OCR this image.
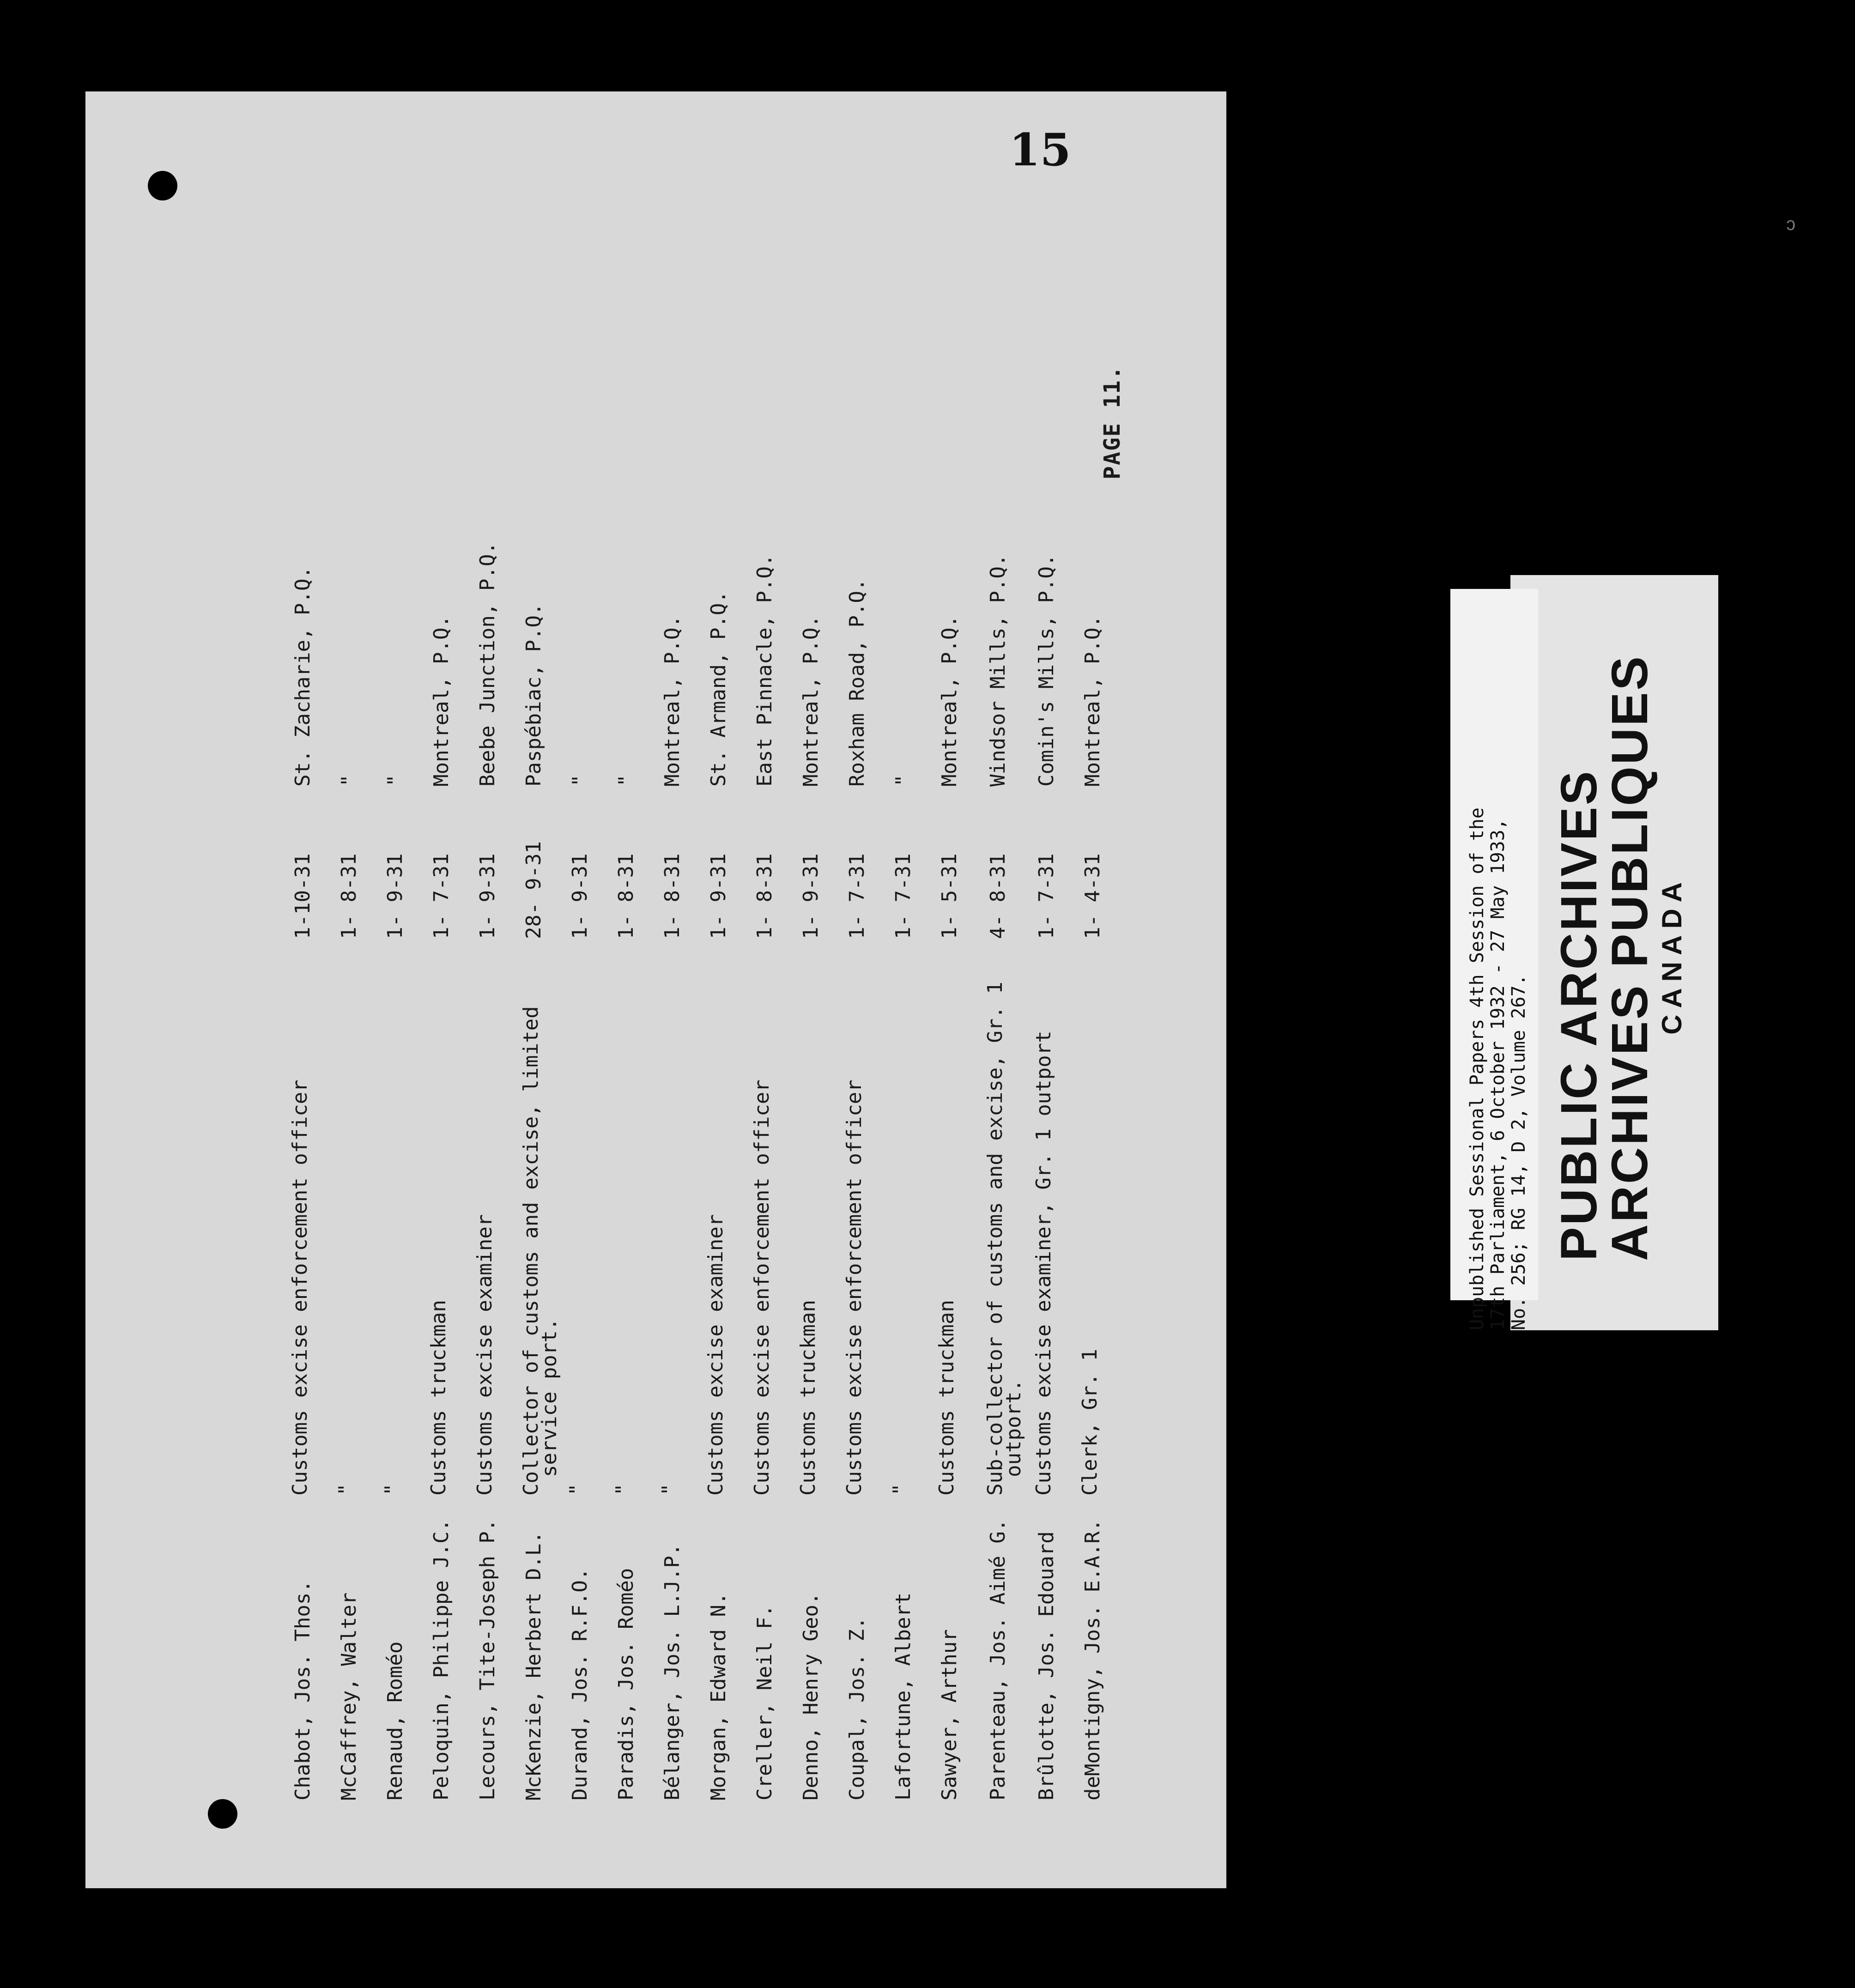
15
PAGE 11.
deMontigny, Jos. E.A.R.
1- 4-31
Montreal, P.Q.
Clerk, Gr. 1
Brûlotte, Jos. Edouard
1- 7-31
Comin's Mills, P.Q.
Customs excise examiner, Gr. 1 outport
Parenteau, Jos. Aimé G.
4- 8-31
Windsor Mills, P.Q.
Sub-collector of customs and excise, Gr. 1
outport.
Sawyer, Arthur
1- 5-31
Montreal, P.Q.
Customs truckman
Lafortune, Albert
1- 7-31
"
"
Coupal, Jos. Z.
1- 7-31
Roxham Road, P.Q.
Customs excise enforcement officer
Denno, Henry Geo.
1- 9-31
Montreal, P.Q.
Customs truckman
Creller, Neil F.
1- 8-31
East Pinnacle, P.Q.
Customs excise enforcement officer
Morgan, Edward N.
1- 9-31
St. Armand, P.Q.
Customs excise examiner
Bélanger, Jos. L.J.P.
1- 8-31
Montreal, P.Q.
"
Paradis, Jos. Roméo
1- 8-31
"
"
Durand, Jos. R.F.O.
1- 9-31
"
"
McKenzie, Herbert D.L.
28- 9-31
Paspébiac, P.Q.
Collector of customs and excise, limited
service port.
Lecours, Tite-Joseph P.
1- 9-31
Beebe Junction, P.Q.
Customs excise examiner
Peloquin, Philippe J.C.
1- 7-31
Montreal, P.Q.
Customs truckman
Renaud, Roméo
1- 9-31
"
"
McCaffrey, Walter
1- 8-31
"
"
Chabot, Jos. Thos.
1-10-31
St. Zacharie, P.Q.
Customs excise enforcement officer	Unpublished Sessional Papers 4th Session of the 17th Parliament, 6 October 1932 - 27 May 1933, No. 256; RG 14, D 2, Volume 267. PUBLIC ARCHIVES
ARCHIVES PUBLIQUES
CANADA
ↄ
